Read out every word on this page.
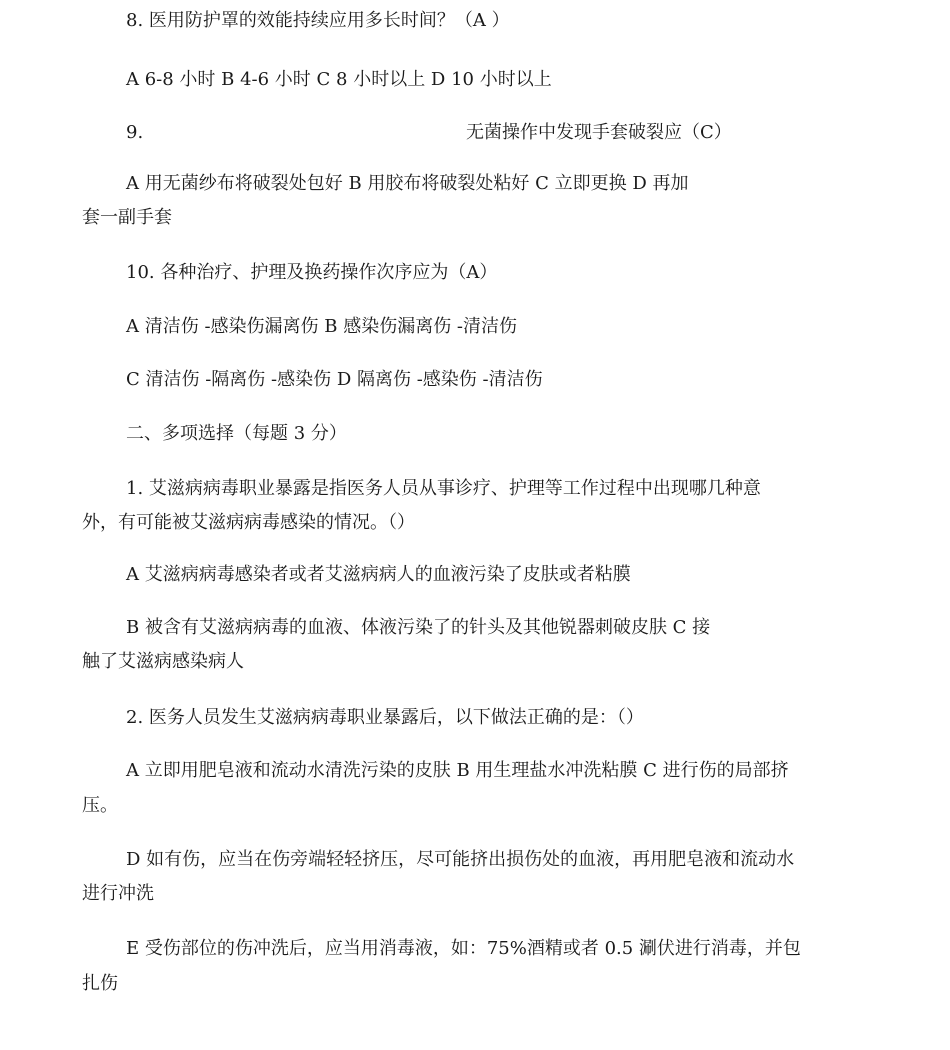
8. 医用防护罩的效能持续应用多长时间？（A ）
A 6-8 小时 B 4-6 小时 C 8 小时以上 D 10 小时以上
9.	无菌操作中发现手套破裂应（C）
A 用无菌纱布将破裂处包好 B 用胶布将破裂处粘好 C 立即更换 D 再加
套一副手套
10. 各种治疗、护理及换药操作次序应为（A）
A 清洁伤 -感染伤漏离伤 B 感染伤漏离伤 -清洁伤
C 清洁伤 -隔离伤 -感染伤 D 隔离伤 -感染伤 -清洁伤
二、多项选择（每题 3 分）
1. 艾滋病病毒职业暴露是指医务人员从事诊疗、护理等工作过程中出现哪几种意
外，有可能被艾滋病病毒感染的情况。（）
A 艾滋病病毒感染者或者艾滋病病人的血液污染了皮肤或者粘膜
B 被含有艾滋病病毒的血液、体液污染了的针头及其他锐器刺破皮肤 C 接
触了艾滋病感染病人
2. 医务人员发生艾滋病病毒职业暴露后，以下做法正确的是：（）
A 立即用肥皂液和流动水清洗污染的皮肤 B 用生理盐水冲洗粘膜 C 进行伤的局部挤
压。
D 如有伤，应当在伤旁端轻轻挤压，尽可能挤出损伤处的血液，再用肥皂液和流动水
进行冲洗
E 受伤部位的伤冲洗后，应当用消毒液，如：75%酒精或者 0.5 涮伏进行消毒，并包
扎伤
